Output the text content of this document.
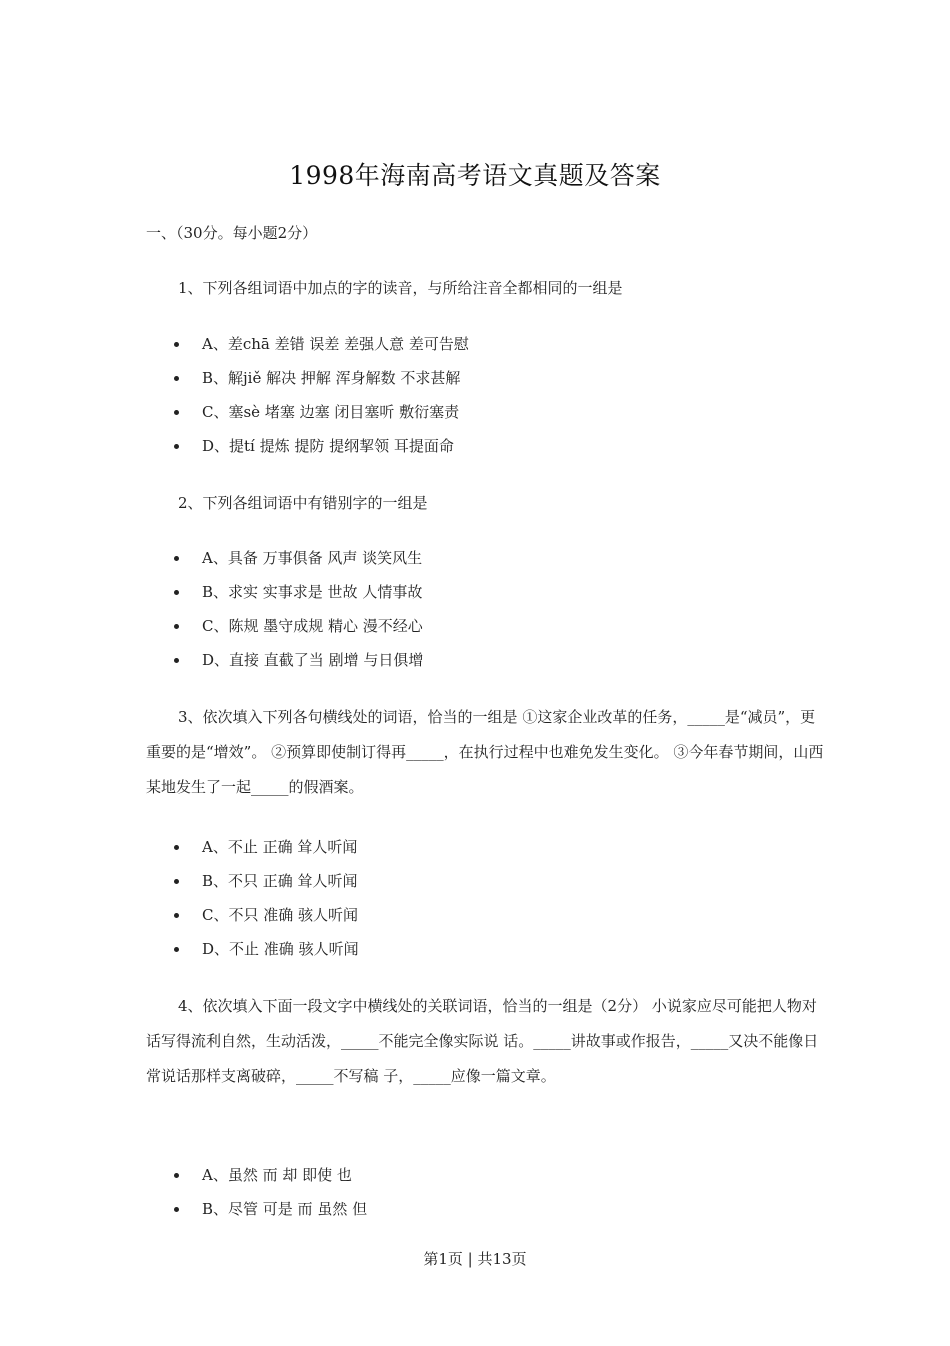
1998年海南高考语文真题及答案
一、（30分。每小题2分）
1、下列各组词语中加点的字的读音，与所给注音全都相同的一组是
A、差chā 差错 误差 差强人意 差可告慰
B、解jiě 解决 押解 浑身解数 不求甚解
C、塞sè 堵塞 边塞 闭目塞听 敷衍塞责
D、提tí 提炼 提防 提纲挈领 耳提面命
2、下列各组词语中有错别字的一组是
A、具备 万事俱备 风声 谈笑风生
B、求实 实事求是 世故 人情事故
C、陈规 墨守成规 精心 漫不经心
D、直接 直截了当 剧增 与日俱增
3、依次填入下列各句横线处的词语，恰当的一组是 ①这家企业改革的任务，_____是“减员”，更重要的是“增效”。 ②预算即使制订得再_____，在执行过程中也难免发生变化。 ③今年春节期间，山西某地发生了一起_____的假酒案。
A、不止 正确 耸人听闻
B、不只 正确 耸人听闻
C、不只 准确 骇人听闻
D、不止 准确 骇人听闻
4、依次填入下面一段文字中横线处的关联词语，恰当的一组是（2分） 小说家应尽可能把人物对话写得流利自然，生动活泼，_____不能完全像实际说 话。_____讲故事或作报告，_____又决不能像日常说话那样支离破碎，_____不写稿 子，_____应像一篇文章。
A、虽然 而 却 即使 也
B、尽管 可是 而 虽然 但
第1页 | 共13页
